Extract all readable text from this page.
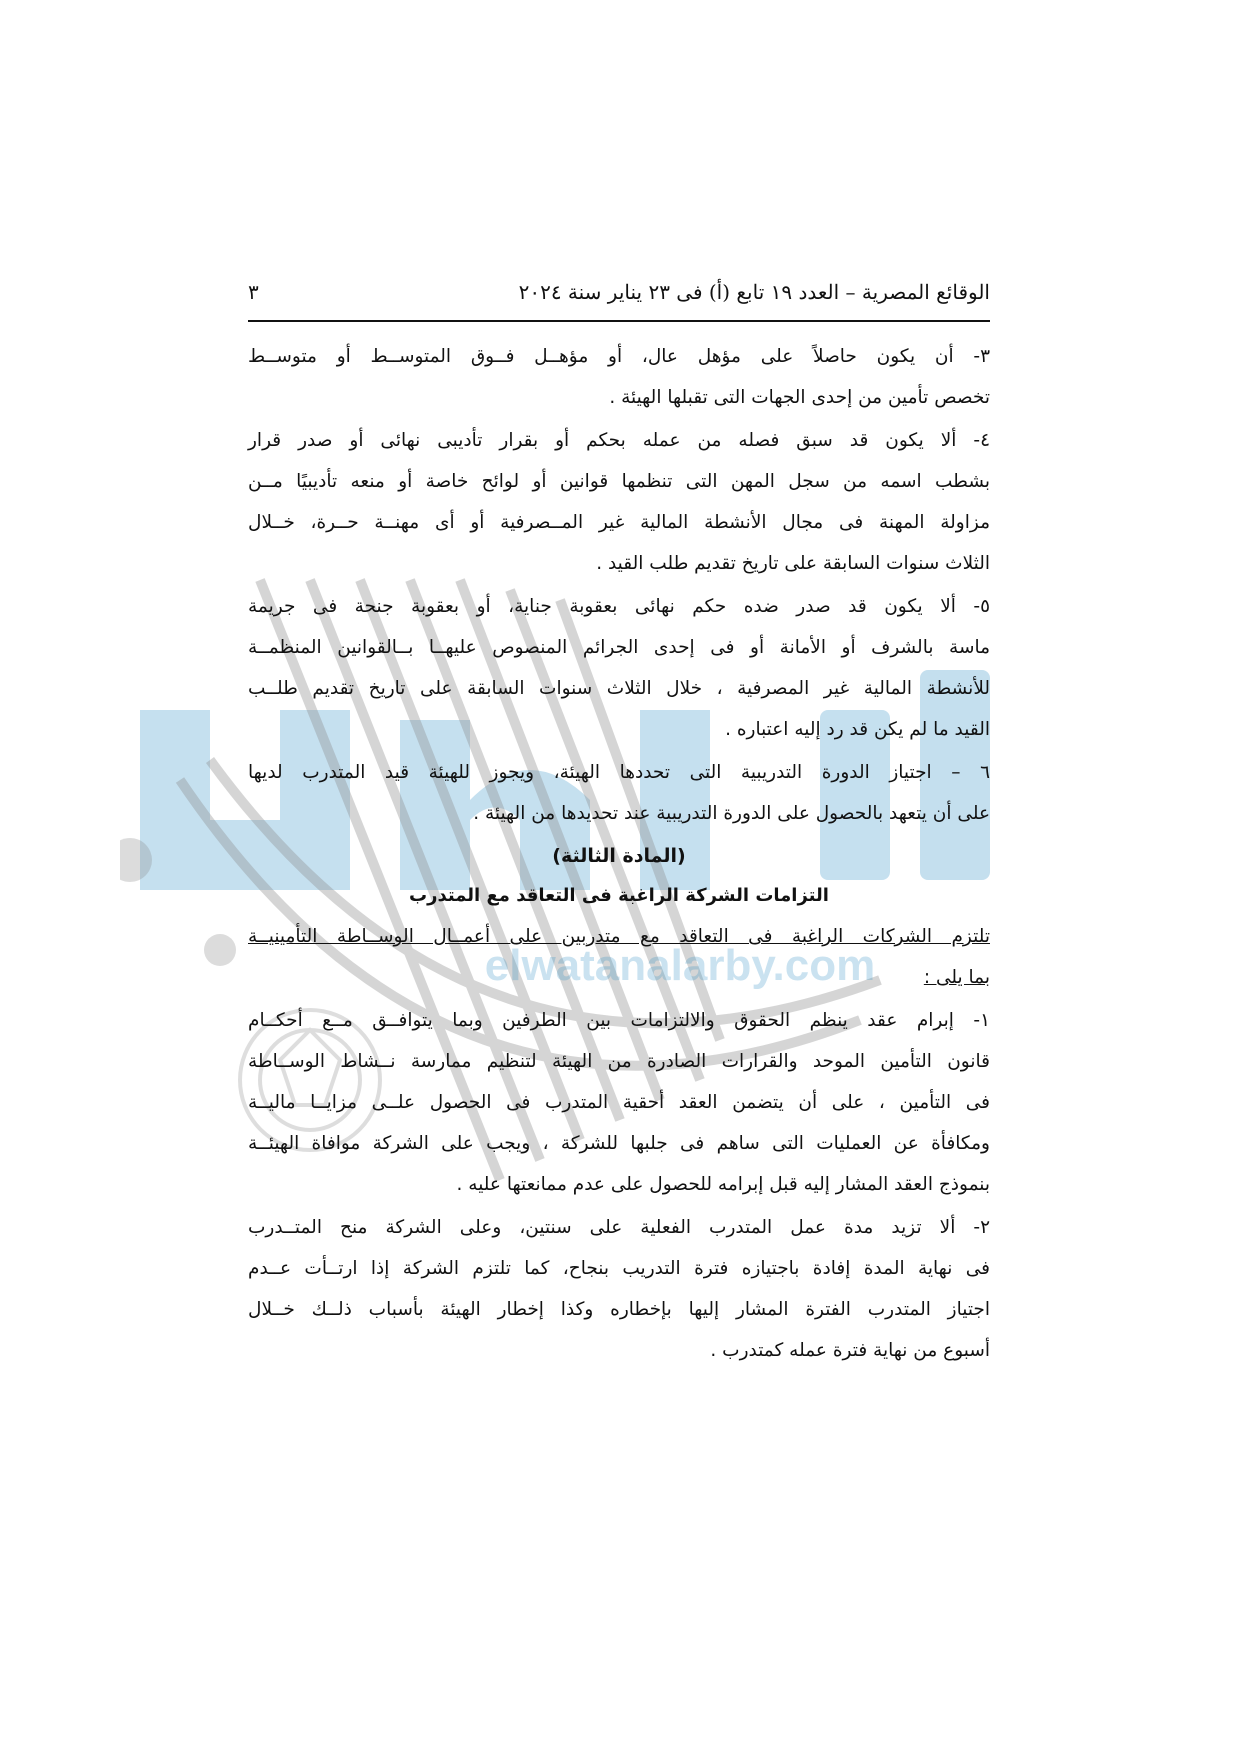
elwatanalarby.com
الوقائع المصرية – العدد ١٩ تابع (أ) فى ٢٣ يناير سنة ٢٠٢٤
٣
٣- أن يكون حاصلاً على مؤهل عال، أو مؤهــل فــوق المتوســط أو متوســط
تخصص تأمين من إحدى الجهات التى تقبلها الهيئة .
٤- ألا يكون قد سبق فصله من عمله بحكم أو بقرار تأديبى نهائى أو صدر قرار
بشطب اسمه من سجل المهن التى تنظمها قوانين أو لوائح خاصة أو منعه تأديبيًا مــن
مزاولة المهنة فى مجال الأنشطة المالية غير المــصرفية أو أى مهنــة حــرة، خــلال
الثلاث سنوات السابقة على تاريخ تقديم طلب القيد .
٥- ألا يكون قد صدر ضده حكم نهائى بعقوبة جناية، أو بعقوبة جنحة فى جريمة
ماسة بالشرف أو الأمانة أو فى إحدى الجرائم المنصوص عليهــا بــالقوانين المنظمــة
للأنشطة المالية غير المصرفية ، خلال الثلاث سنوات السابقة على تاريخ تقديم طلــب
القيد ما لم يكن قد رد إليه اعتباره .
٦ – اجتياز الدورة التدريبية التى تحددها الهيئة، ويجوز للهيئة قيد المتدرب لديها
على أن يتعهد بالحصول على الدورة التدريبية عند تحديدها من الهيئة .
(المادة الثالثة)
التزامات الشركة الراغبة فى التعاقد مع المتدرب
تلتزم الشركات الراغبة فى التعاقد مع متدربين على أعمــال الوســاطة التأمينيــة
بما يلى :
١- إبرام عقد ينظم الحقوق والالتزامات بين الطرفين وبما يتوافــق مــع أحكــام
قانون التأمين الموحد والقرارات الصادرة من الهيئة لتنظيم ممارسة نــشاط الوســاطة
فى التأمين ، على أن يتضمن العقد أحقية المتدرب فى الحصول علــى مزايــا ماليــة
ومكافأة عن العمليات التى ساهم فى جلبها للشركة ، ويجب على الشركة موافاة الهيئــة
بنموذج العقد المشار إليه قبل إبرامه للحصول على عدم ممانعتها عليه .
٢- ألا تزيد مدة عمل المتدرب الفعلية على سنتين، وعلى الشركة منح المتــدرب
فى نهاية المدة إفادة باجتيازه فترة التدريب بنجاح، كما تلتزم الشركة إذا ارتــأت عــدم
اجتياز المتدرب الفترة المشار إليها بإخطاره وكذا إخطار الهيئة بأسباب ذلــك خــلال
أسبوع من نهاية فترة عمله كمتدرب .
